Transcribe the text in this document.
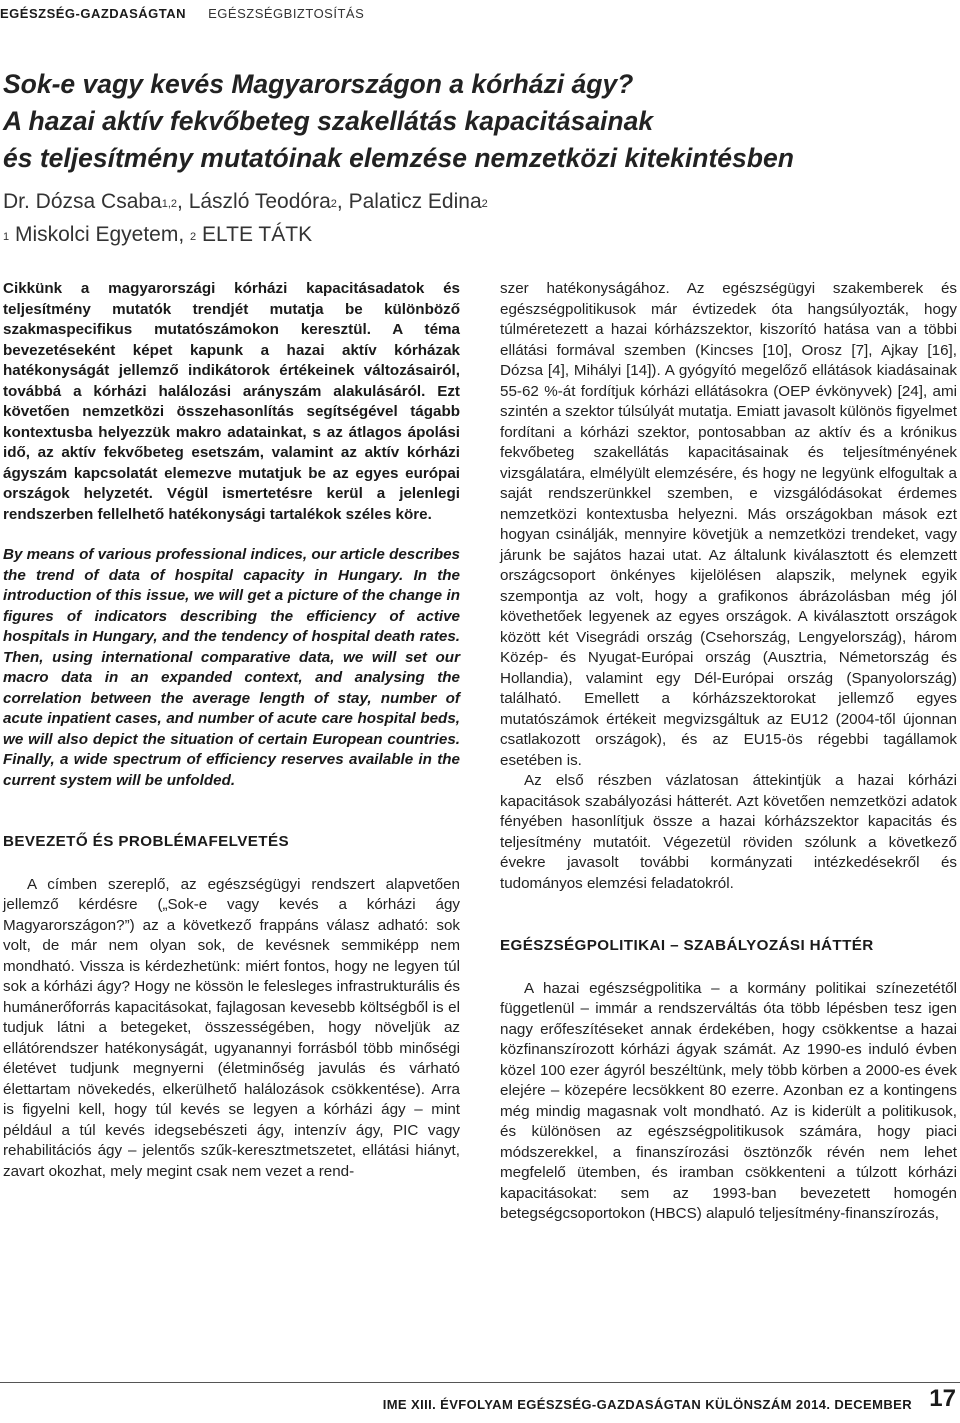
EGÉSZSÉG-GAZDASÁGTAN EGÉSZSÉGBIZTOSÍTÁS
Sok-e vagy kevés Magyarországon a kórházi ágy?
A hazai aktív fekvőbeteg szakellátás kapacitásainak
és teljesítmény mutatóinak elemzése nemzetközi kitekintésben
Dr. Dózsa Csaba$^{1,2}$, László Teodóra$^2$, Palaticz Edina$^2$
$^1$ Miskolci Egyetem, $^2$ ELTE TÁTK

Cikkünk a magyarországi kórházi kapacitásadatok és teljesítmény mutatók trendjét mutatja be különböző szakmaspecifikus mutatószámokon keresztül. A téma bevezetéseként képet kapunk a hazai aktív kórházak hatékonyságát jellemző indikátorok értékeinek változásairól, továbbá a kórházi halálozási arányszám alakulásáról. Ezt követően nemzetközi összehasonlítás segítségével tágabb kontextusba helyezzük makro adatainkat, s az átlagos ápolási idő, az aktív fekvőbeteg esetszám, valamint az aktív kórházi ágyszám kapcsolatát elemezve mutatjuk be az egyes európai országok helyzetét. Végül ismertetésre kerül a jelenlegi rendszerben fellelhető hatékonysági tartalékok széles köre.

By means of various professional indices, our article describes the trend of data of hospital capacity in Hungary. In the introduction of this issue, we will get a picture of the change in figures of indicators describing the efficiency of active hospitals in Hungary, and the tendency of hospital death rates. Then, using international comparative data, we will set our macro data in an expanded context, and analysing the correlation between the average length of stay, number of acute inpatient cases, and number of acute care hospital beds, we will also depict the situation of certain European countries. Finally, a wide spectrum of efficiency reserves available in the current system will be unfolded.

BEVEZETŐ ÉS PROBLÉMAFELVETÉS

A címben szereplő, az egészségügyi rendszert alapvetően jellemző kérdésre („Sok-e vagy kevés a kórházi ágy Magyarországon?”) az a következő frappáns válasz adható: sok volt, de már nem olyan sok, de kevésnek semmiképp nem mondható. Vissza is kérdezhetünk: miért fontos, hogy ne legyen túl sok a kórházi ágy? Hogy ne kössön le felesleges infrastrukturális és humánerőforrás kapacitásokat, fajlagosan kevesebb költségből is el tudjuk látni a betegeket, összességében, hogy növeljük az ellátórendszer hatékonyságát, ugyanannyi forrásból több minőségi életévet tudjunk megnyerni (életminőség javulás és várható élettartam növekedés, elkerülhető halálozások csökkentése). Arra is figyelni kell, hogy túl kevés se legyen a kórházi ágy – mint például a túl kevés idegsebészeti ágy, intenzív ágy, PIC vagy rehabilitációs ágy – jelentős szűk-keresztmetszetet, ellátási hiányt, zavart okozhat, mely megint csak nem vezet a rend-

szer hatékonyságához. Az egészségügyi szakemberek és egészségpolitikusok már évtizedek óta hangsúlyozták, hogy túlméretezett a hazai kórházszektor, kiszorító hatása van a többi ellátási formával szemben (Kincses [10], Orosz [7], Ajkay [16], Dózsa [4], Mihályi [14]). A gyógyító megelőző ellátások kiadásainak 55-62 %-át fordítjuk kórházi ellátásokra (OEP évkönyvek) [24], ami szintén a szektor túlsúlyát mutatja. Emiatt javasolt különös figyelmet fordítani a kórházi szektor, pontosabban az aktív és a krónikus fekvőbeteg szakellátás kapacitásainak és teljesítményének vizsgálatára, elmélyült elemzésére, és hogy ne legyünk elfogultak a saját rendszerünkkel szemben, e vizsgálódásokat érdemes nemzetközi kontextusba helyezni. Más országokban mások ezt hogyan csinálják, mennyire követjük a nemzetközi trendeket, vagy járunk be sajátos hazai utat. Az általunk kiválasztott és elemzett országcsoport önkényes kijelölésen alapszik, melynek egyik szempontja az volt, hogy a grafikonos ábrázolásban még jól követhetőek legyenek az egyes országok. A kiválasztott országok között két Visegrádi ország (Csehország, Lengyelország), három Közép- és Nyugat-Európai ország (Ausztria, Németország és Hollandia), valamint egy Dél-Európai ország (Spanyolország) található. Emellett a kórházszektorokat jellemző egyes mutatószámok értékeit megvizsgáltuk az EU12 (2004-től újonnan csatlakozott országok), és az EU15-ös régebbi tagállamok esetében is.

Az első részben vázlatosan áttekintjük a hazai kórházi kapacitások szabályozási hátterét. Azt követően nemzetközi adatok fényében hasonlítjuk össze a hazai kórházszektor kapacitás és teljesítmény mutatóit. Végezetül röviden szólunk a következő évekre javasolt további kormányzati intézkedésekről és tudományos elemzési feladatokról.

EGÉSZSÉGPOLITIKAI – SZABÁLYOZÁSI HÁTTÉR

A hazai egészségpolitika – a kormány politikai színezetétől függetlenül – immár a rendszerváltás óta több lépésben tesz igen nagy erőfeszítéseket annak érdekében, hogy csökkentse a hazai közfinanszírozott kórházi ágyak számát. Az 1990-es induló évben közel 100 ezer ágyról beszéltünk, mely több körben a 2000-es évek elejére – közepére lecsökkent 80 ezerre. Azonban ez a kontingens még mindig magasnak volt mondható. Az is kiderült a politikusok, és különösen az egészségpolitikusok számára, hogy piaci módszerekkel, a finanszírozási ösztönzők révén nem lehet megfelelő ütemben, és iramban csökkenteni a túlzott kórházi kapacitásokat: sem az 1993-ban bevezetett homogén betegségcsoportokon (HBCS) alapuló teljesítmény-finanszírozás,

IME XIII. ÉVFOLYAM EGÉSZSÉG-GAZDASÁGTAN KÜLÖNSZÁM 2014. DECEMBER 17
